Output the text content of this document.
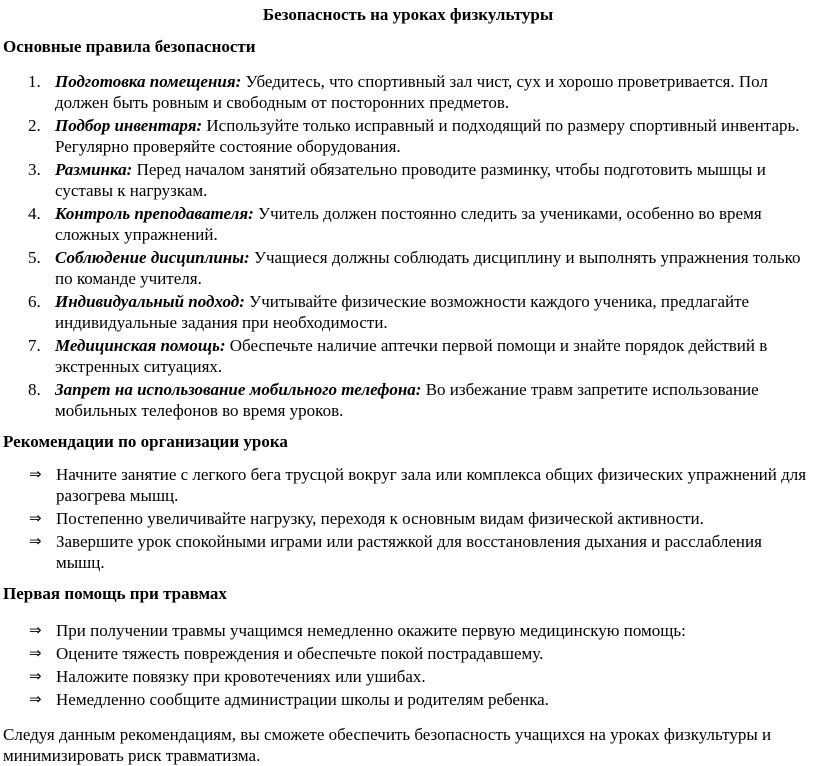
Безопасность на уроках физкультуры
Основные правила безопасности
1. Подготовка помещения: Убедитесь, что спортивный зал чист, сух и хорошо проветривается. Пол должен быть ровным и свободным от посторонних предметов.
2. Подбор инвентаря: Используйте только исправный и подходящий по размеру спортивный инвентарь. Регулярно проверяйте состояние оборудования.
3. Разминка: Перед началом занятий обязательно проводите разминку, чтобы подготовить мышцы и суставы к нагрузкам.
4. Контроль преподавателя: Учитель должен постоянно следить за учениками, особенно во время сложных упражнений.
5. Соблюдение дисциплины: Учащиеся должны соблюдать дисциплину и выполнять упражнения только по команде учителя.
6. Индивидуальный подход: Учитывайте физические возможности каждого ученика, предлагайте индивидуальные задания при необходимости.
7. Медицинская помощь: Обеспечьте наличие аптечки первой помощи и знайте порядок действий в экстренных ситуациях.
8. Запрет на использование мобильного телефона: Во избежание травм запретите использование мобильных телефонов во время уроков.
Рекомендации по организации урока
⇒ Начните занятие с легкого бега трусцой вокруг зала или комплекса общих физических упражнений для разогрева мышц.
⇒ Постепенно увеличивайте нагрузку, переходя к основным видам физической активности.
⇒ Завершите урок спокойными играми или растяжкой для восстановления дыхания и расслабления мышц.
Первая помощь при травмах
⇒ При получении травмы учащимся немедленно окажите первую медицинскую помощь:
⇒ Оцените тяжесть повреждения и обеспечьте покой пострадавшему.
⇒ Наложите повязку при кровотечениях или ушибах.
⇒ Немедленно сообщите администрации школы и родителям ребенка.

Следуя данным рекомендациям, вы сможете обеспечить безопасность учащихся на уроках физкультуры и минимизировать риск травматизма.
